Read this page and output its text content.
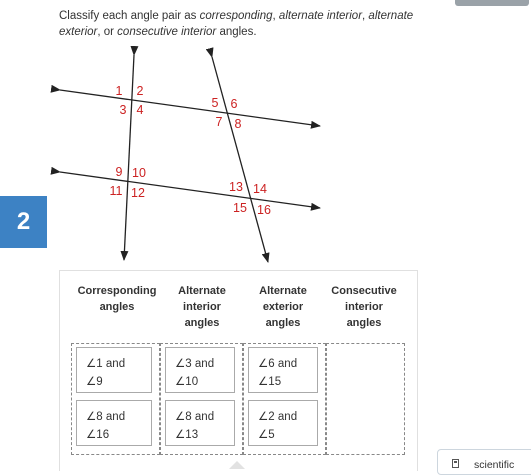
Classify each angle pair as corresponding, alternate interior, alternate exterior, or consecutive interior angles.

2
1 2
3 4	5 6
7 8
9 10
11 12	13 14
15 16
Corresponding
angles
Alternate
interior
angles
Alternate
exterior
angles
Consecutive
interior
angles
∠1 and
∠9
∠8 and
∠16
∠3 and
∠10
∠8 and
∠13
∠6 and
∠15
∠2 and
∠5
scientific
